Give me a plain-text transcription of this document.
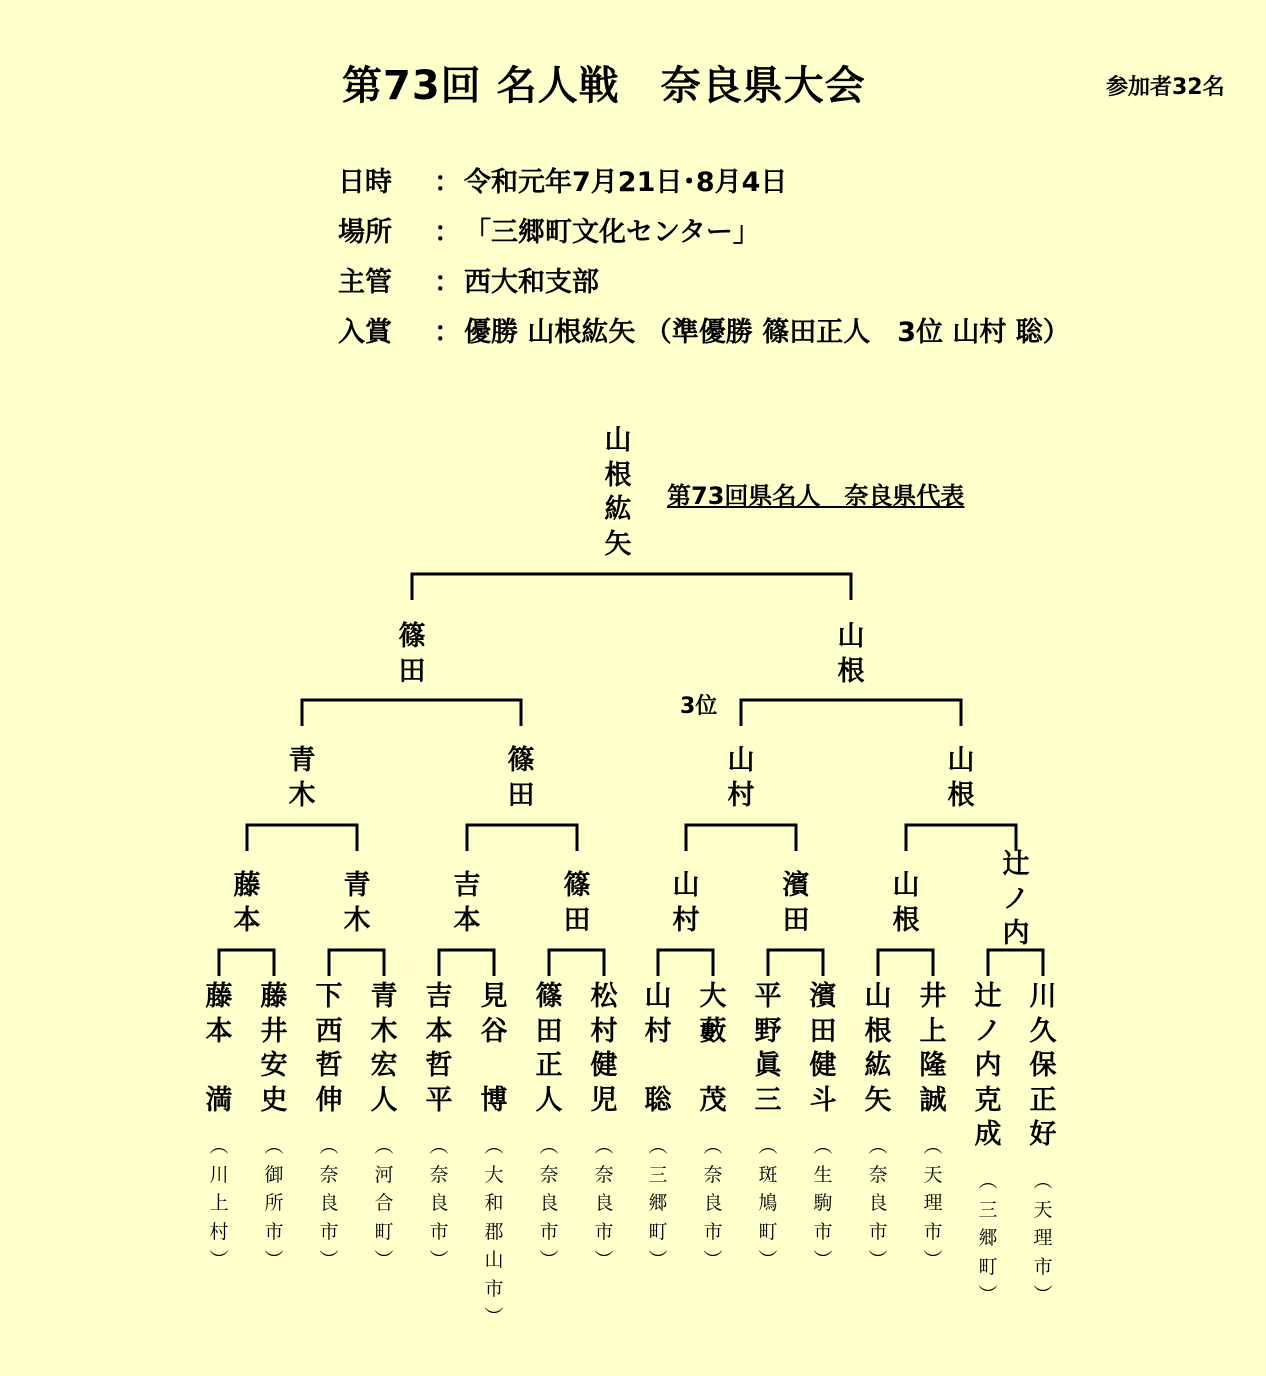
第73回 名人戦　奈良県大会	参加者32名
日時	： 令和元年7月21日･8月4日
場所	： 「三郷町文化センター」
主管	： 西大和支部
入賞	： 優勝 山根紘矢 （準優勝 篠田正人　3位 山村 聡）
山
根
紘
矢
第73回県名人　奈良県代表
3位
篠
田
山
根
青
木
篠
田
山
村
山
根
藤
本
青
木
吉
本
篠
田
山
村
濱
田
山
根
辻
ノ
内
藤
本
満
︵
川
上
村
︶
藤
井
安
史
︵
御
所
市
︶
下
西
哲
伸
︵
奈
良
市
︶
青
木
宏
人
︵
河
合
町
︶
吉
本
哲
平
︵
奈
良
市
︶
見
谷
博
︵
大
和
郡
山
市
︶
篠
田
正
人
︵
奈
良
市
︶
松
村
健
児
︵
奈
良
市
︶
山
村
聡
︵
三
郷
町
︶
大
藪
茂
︵
奈
良
市
︶
平
野
眞
三
︵
斑
鳩
町
︶
濱
田
健
斗
︵
生
駒
市
︶
山
根
紘
矢
︵
奈
良
市
︶
井
上
隆
誠
︵
天
理
市
︶
辻
ノ
内
克
成
︵
三
郷
町
︶
川
久
保
正
好
︵
天
理
市
︶
